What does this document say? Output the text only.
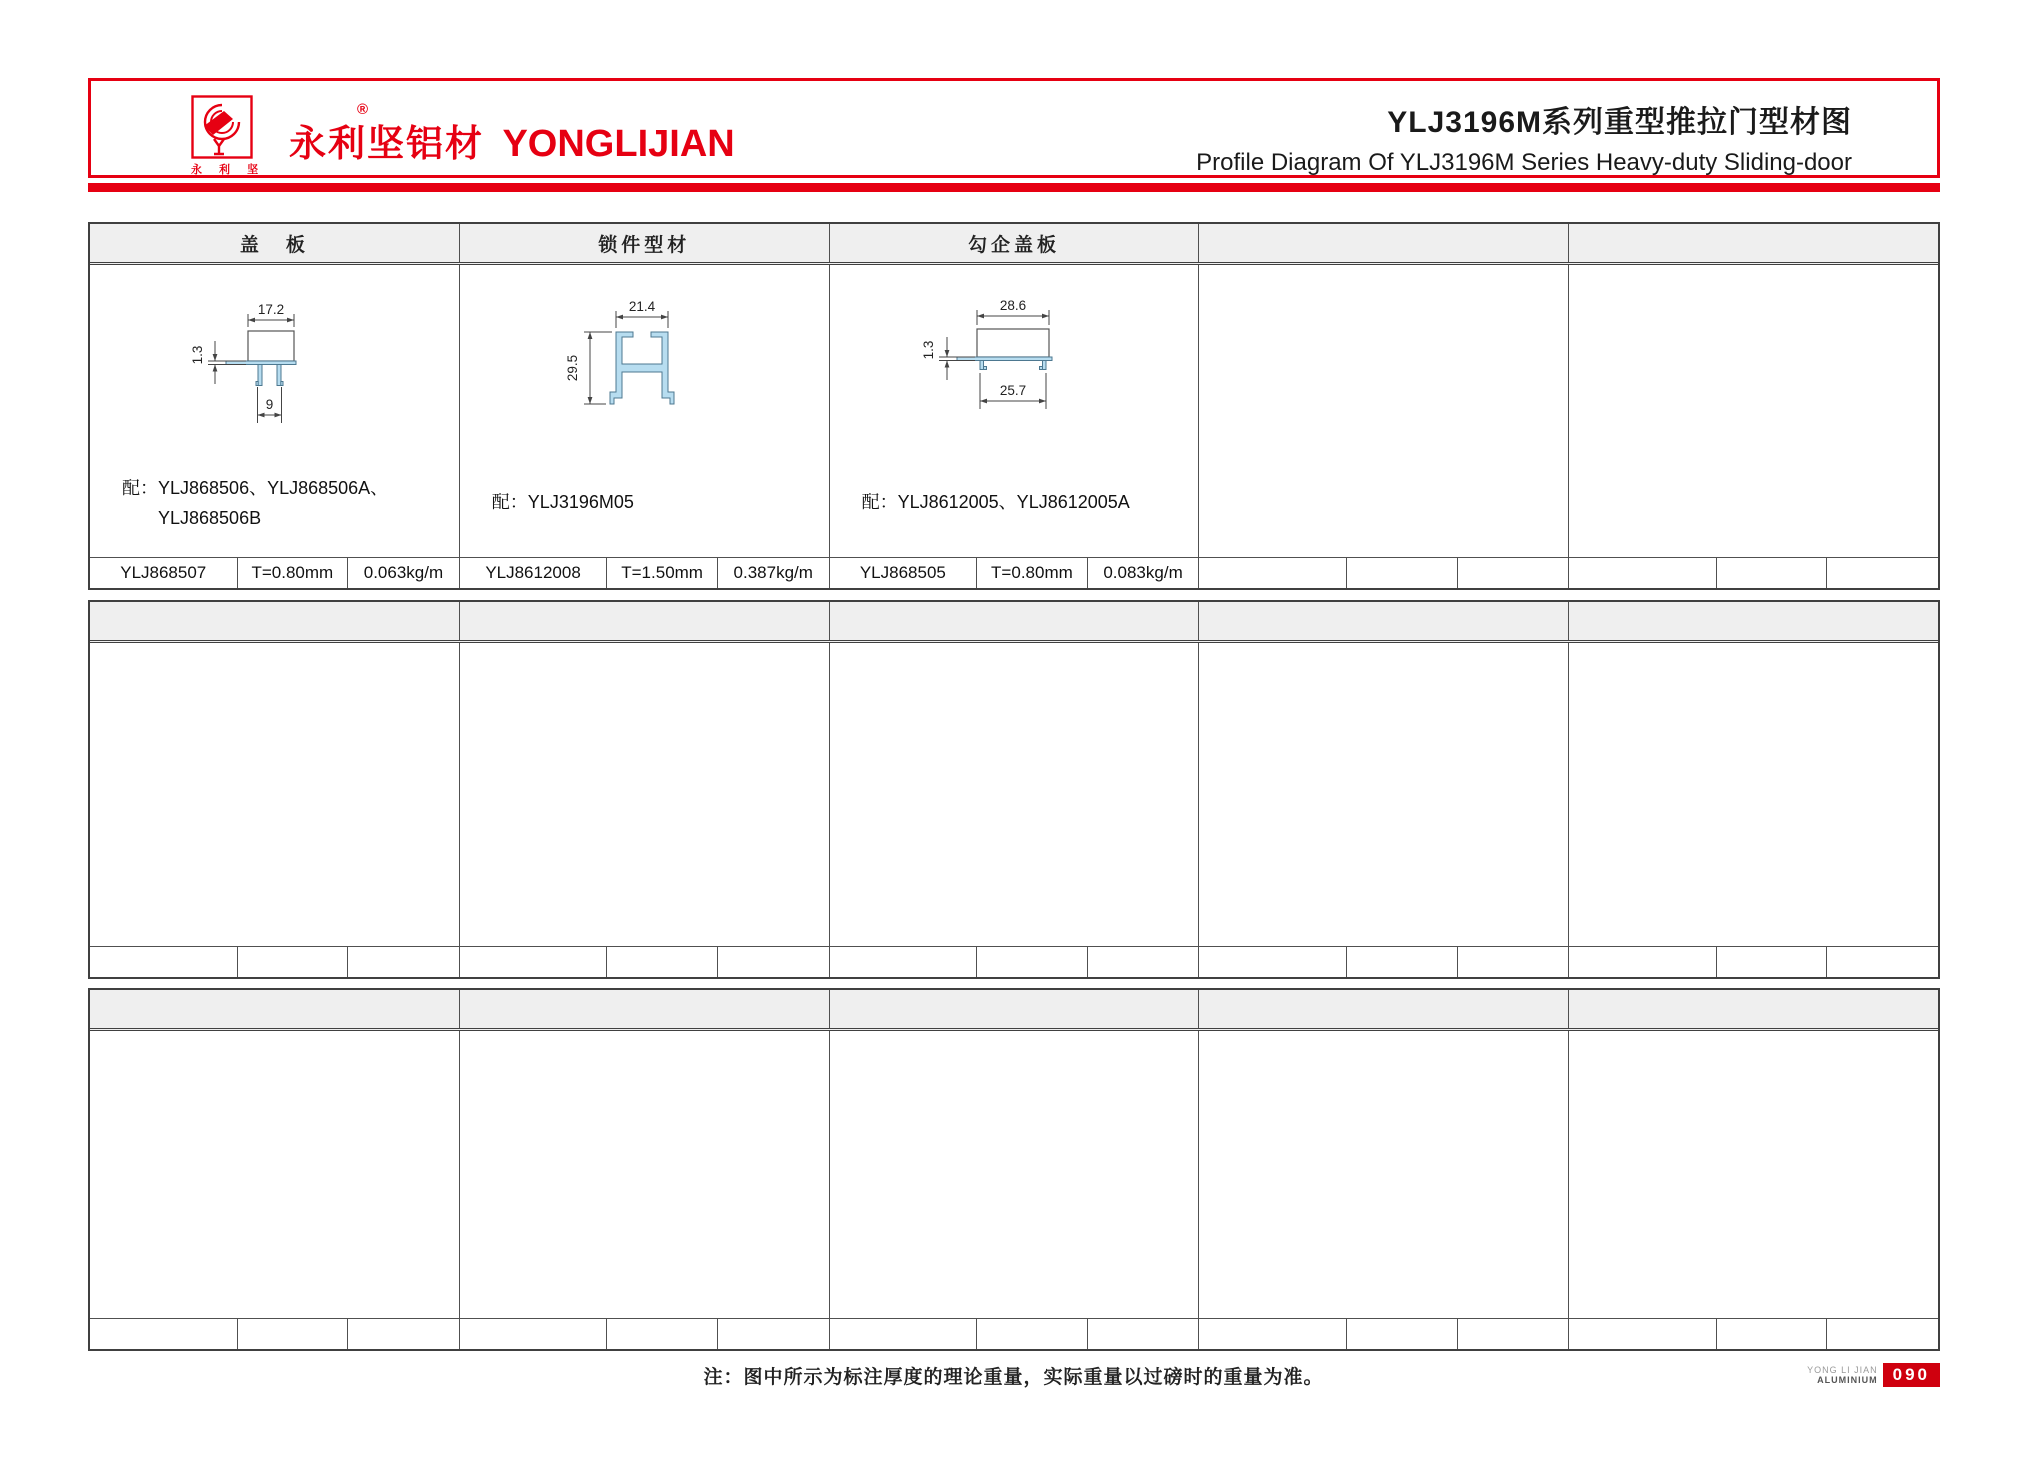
®
永 利 坚
永利坚铝材 YONGLIJIAN
YLJ3196M系列重型推拉门型材图
Profile Diagram Of YLJ3196M Series Heavy-duty Sliding-door
盖　板	锁件型材	勾企盖板
17.2
1.3
9
配：YLJ868506、YLJ868506A、
YLJ868506B
21.4
29.5
配：YLJ3196M05
28.6
1.3
25.7
配：YLJ8612005、YLJ8612005A
YLJ868507	T=0.80mm	0.063kg/m	YLJ8612008	T=1.50mm	0.387kg/m	YLJ868505	T=0.80mm	0.083kg/m
注：图中所示为标注厚度的理论重量，实际重量以过磅时的重量为准。	YONG LI JIAN
ALUMINIUM 090
